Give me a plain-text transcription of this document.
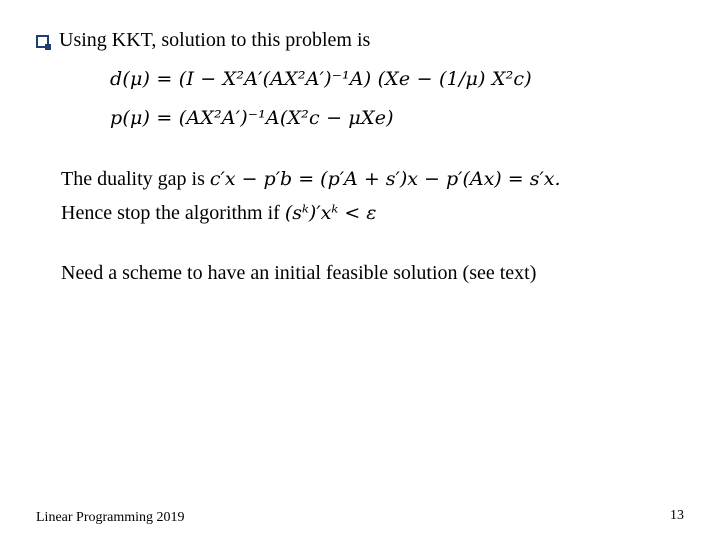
Using KKT, solution to this problem is
d(μ) = (I − X²A′(AX²A′)⁻¹A) (Xe − (1/μ) X²c)
p(μ) = (AX²A′)⁻¹A(X²c − μXe)
The duality gap is c′x − p′b = (p′A + s′)x − p′(Ax) = s′x.
Hence stop the algorithm if (sᵏ)′xᵏ < ε
Need a scheme to have an initial feasible solution (see text)
Linear Programming 2019	13
